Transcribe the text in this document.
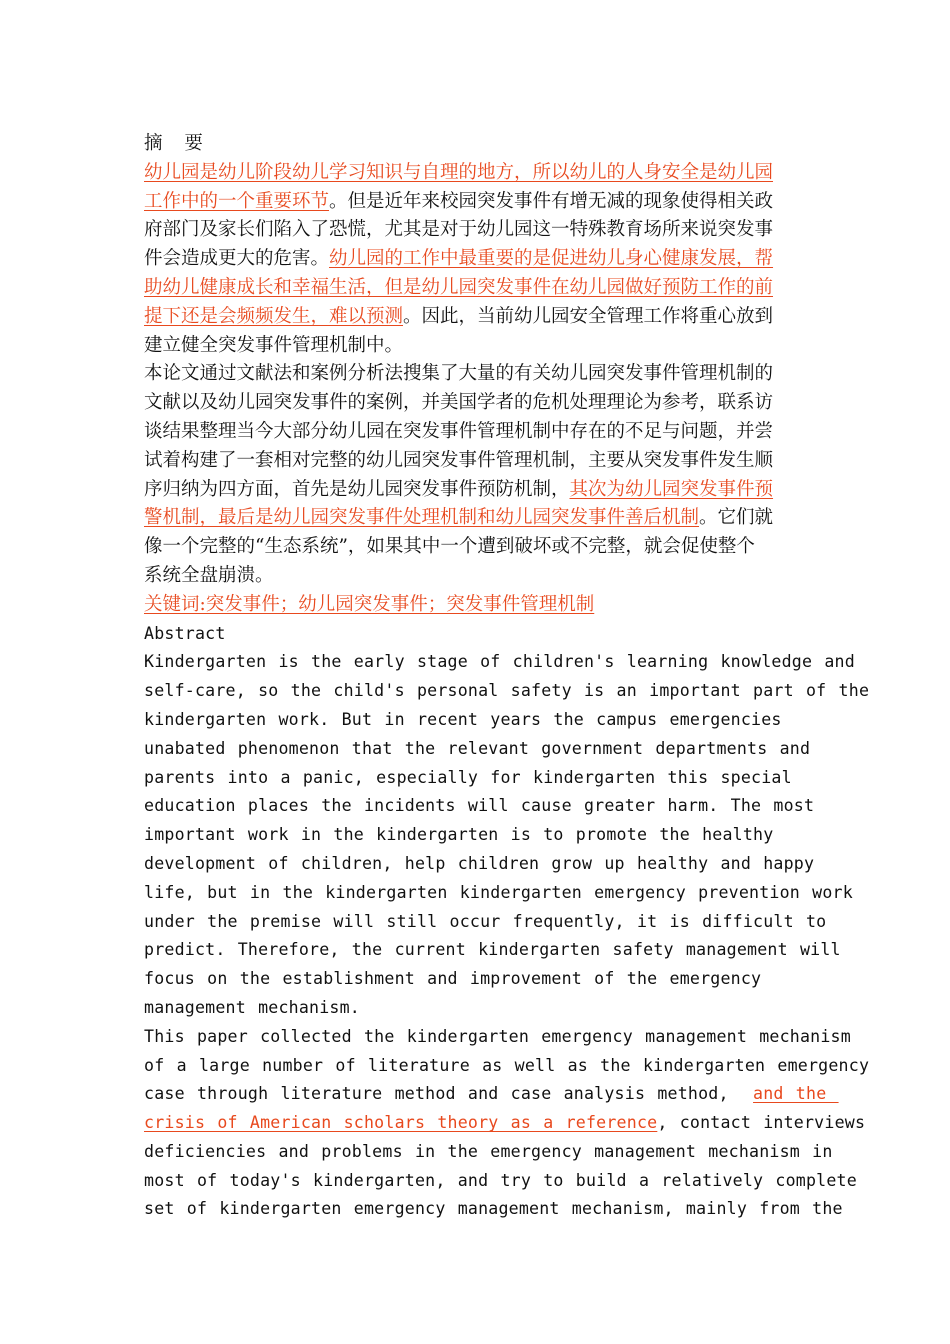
摘 要
幼儿园是幼儿阶段幼儿学习知识与自理的地方，所以幼儿的人身安全是幼儿园
工作中的一个重要环节。但是近年来校园突发事件有增无减的现象使得相关政
府部门及家长们陷入了恐慌，尤其是对于幼儿园这一特殊教育场所来说突发事
件会造成更大的危害。幼儿园的工作中最重要的是促进幼儿身心健康发展，帮
助幼儿健康成长和幸福生活，但是幼儿园突发事件在幼儿园做好预防工作的前
提下还是会频频发生，难以预测。因此，当前幼儿园安全管理工作将重心放到
建立健全突发事件管理机制中。
本论文通过文献法和案例分析法搜集了大量的有关幼儿园突发事件管理机制的
文献以及幼儿园突发事件的案例，并美国学者的危机处理理论为参考，联系访
谈结果整理当今大部分幼儿园在突发事件管理机制中存在的不足与问题，并尝
试着构建了一套相对完整的幼儿园突发事件管理机制，主要从突发事件发生顺
序归纳为四方面，首先是幼儿园突发事件预防机制，其次为幼儿园突发事件预
警机制，最后是幼儿园突发事件处理机制和幼儿园突发事件善后机制。它们就
像一个完整的“生态系统”，如果其中一个遭到破坏或不完整，就会促使整个
系统全盘崩溃。
关键词:突发事件；幼儿园突发事件；突发事件管理机制
Abstract
Kindergarten is the early stage of children's learning knowledge and
self-care, so the child's personal safety is an important part of the
kindergarten work. But in recent years the campus emergencies
unabated phenomenon that the relevant government departments and
parents into a panic, especially for kindergarten this special
education places the incidents will cause greater harm. The most
important work in the kindergarten is to promote the healthy
development of children, help children grow up healthy and happy
life, but in the kindergarten kindergarten emergency prevention work
under the premise will still occur frequently, it is difficult to
predict. Therefore, the current kindergarten safety management will
focus on the establishment and improvement of the emergency
management mechanism.
This paper collected the kindergarten emergency management mechanism
of a large number of literature as well as the kindergarten emergency
case through literature method and case analysis method,  and the
crisis of American scholars theory as a reference, contact interviews
deficiencies and problems in the emergency management mechanism in
most of today's kindergarten, and try to build a relatively complete
set of kindergarten emergency management mechanism, mainly from the
